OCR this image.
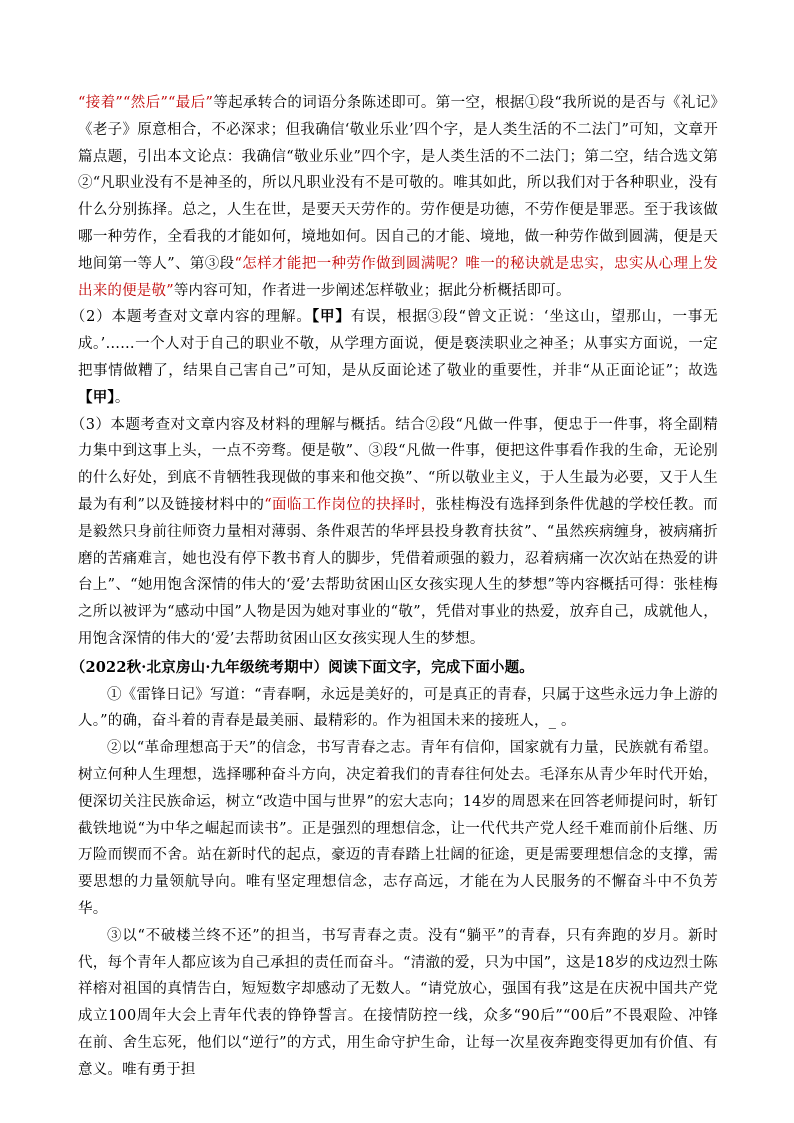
“接着”“然后”“最后”等起承转合的词语分条陈述即可。第一空，根据①段“我所说的是否与《礼记》《老子》原意相合，不必深求；但我确信‘敬业乐业’四个字，是人类生活的不二法门”可知，文章开篇点题，引出本文论点：我确信“敬业乐业”四个字，是人类生活的不二法门；第二空，结合选文第②“凡职业没有不是神圣的，所以凡职业没有不是可敬的。唯其如此，所以我们对于各种职业，没有什么分别拣择。总之，人生在世，是要天天劳作的。劳作便是功德，不劳作便是罪恶。至于我该做哪一种劳作，全看我的才能如何，境地如何。因自己的才能、境地，做一种劳作做到圆满，便是天地间第一等人”、第③段“怎样才能把一种劳作做到圆满呢？唯一的秘诀就是忠实，忠实从心理上发出来的便是敬”等内容可知，作者进一步阐述怎样敬业；据此分析概括即可。

（2）本题考查对文章内容的理解。【甲】有误，根据③段“曾文正说：‘坐这山，望那山，一事无成。’……一个人对于自己的职业不敬，从学理方面说，便是亵渎职业之神圣；从事实方面说，一定把事情做糟了，结果自己害自己”可知，是从反面论述了敬业的重要性，并非“从正面论证”；故选【甲】。

（3）本题考查对文章内容及材料的理解与概括。结合②段“凡做一件事，便忠于一件事，将全副精力集中到这事上头，一点不旁骛。便是敬”、③段“凡做一件事，便把这件事看作我的生命，无论别的什么好处，到底不肯牺牲我现做的事来和他交换”、“所以敬业主义，于人生最为必要，又于人生最为有利”以及链接材料中的“面临工作岗位的抉择时，张桂梅没有选择到条件优越的学校任教。而是毅然只身前往师资力量相对薄弱、条件艰苦的华坪县投身教育扶贫”、“虽然疾病缠身，被病痛折磨的苦痛难言，她也没有停下教书育人的脚步，凭借着顽强的毅力，忍着病痛一次次站在热爱的讲台上”、“她用饱含深情的伟大的‘爱’去帮助贫困山区女孩实现人生的梦想”等内容概括可得：张桂梅之所以被评为“感动中国”人物是因为她对事业的“敬”，凭借对事业的热爱，放弃自己，成就他人，用饱含深情的伟大的‘爱’去帮助贫困山区女孩实现人生的梦想。

（2022秋·北京房山·九年级统考期中）阅读下面文字，完成下面小题。

①《雷锋日记》写道：“青春啊，永远是美好的，可是真正的青春，只属于这些永远力争上游的人。”的确，奋斗着的青春是最美丽、最精彩的。作为祖国未来的接班人，_ 。

②以“革命理想高于天”的信念，书写青春之志。青年有信仰，国家就有力量，民族就有希望。树立何种人生理想，选择哪种奋斗方向，决定着我们的青春往何处去。毛泽东从青少年时代开始，便深切关注民族命运，树立“改造中国与世界”的宏大志向；14岁的周恩来在回答老师提问时，斩钉截铁地说“为中华之崛起而读书”。正是强烈的理想信念，让一代代共产党人经千难而前仆后继、历万险而锲而不舍。站在新时代的起点，豪迈的青春踏上壮阔的征途，更是需要理想信念的支撑，需要思想的力量领航导向。唯有坚定理想信念，志存高远，才能在为人民服务的不懈奋斗中不负芳华。

③以“不破楼兰终不还”的担当，书写青春之责。没有“躺平”的青春，只有奔跑的岁月。新时代，每个青年人都应该为自己承担的责任而奋斗。“清澈的爱，只为中国”，这是18岁的戍边烈士陈祥榕对祖国的真情告白，短短数字却感动了无数人。“请党放心，强国有我”这是在庆祝中国共产党成立100周年大会上青年代表的铮铮誓言。在接情防控一线，众多“90后”“00后”不畏艰险、冲锋在前、舍生忘死，他们以“逆行”的方式，用生命守护生命，让每一次星夜奔跑变得更加有价值、有意义。唯有勇于担
